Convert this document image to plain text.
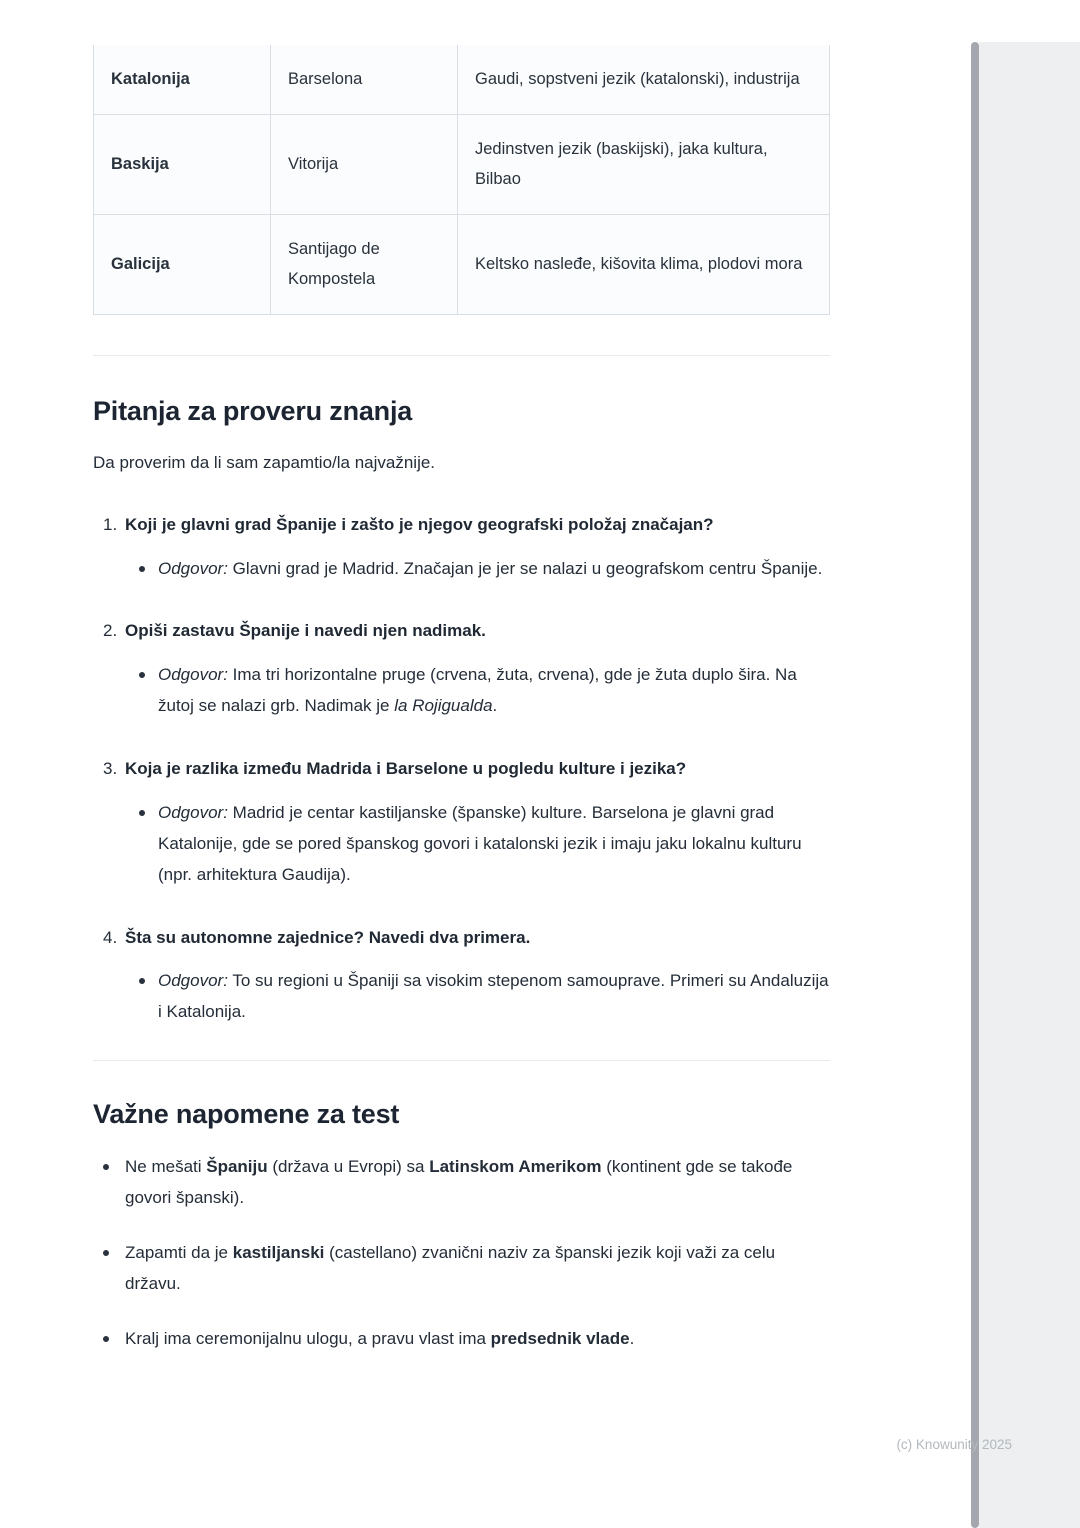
Katalonija	Barselona	Gaudi, sopstveni jezik (katalonski), industrija
Baskija	Vitorija	Jedinstven jezik (baskijski), jaka kultura, Bilbao
Galicija	Santijago de Kompostela	Keltsko nasleđe, kišovita klima, plodovi mora
Pitanja za proveru znanja

Da proverim da li sam zapamtio/la najvažnije.

1. Koji je glavni grad Španije i zašto je njegov geografski položaj značajan?
Odgovor: Glavni grad je Madrid. Značajan je jer se nalazi u geografskom centru Španije.
2. Opiši zastavu Španije i navedi njen nadimak.
Odgovor: Ima tri horizontalne pruge (crvena, žuta, crvena), gde je žuta duplo šira. Na žutoj se nalazi grb. Nadimak je la Rojigualda.
3. Koja je razlika između Madrida i Barselone u pogledu kulture i jezika?
Odgovor: Madrid je centar kastiljanske (španske) kulture. Barselona je glavni grad Katalonije, gde se pored španskog govori i katalonski jezik i imaju jaku lokalnu kulturu (npr. arhitektura Gaudija).
4. Šta su autonomne zajednice? Navedi dva primera.
Odgovor: To su regioni u Španiji sa visokim stepenom samouprave. Primeri su Andaluzija i Katalonija.
Važne napomene za test
Ne mešati Španiju (država u Evropi) sa Latinskom Amerikom (kontinent gde se takođe govori španski).
Zapamti da je kastiljanski (castellano) zvanični naziv za španski jezik koji važi za celu državu.
Kralj ima ceremonijalnu ulogu, a pravu vlast ima predsednik vlade.
(c) Knowunity 2025
